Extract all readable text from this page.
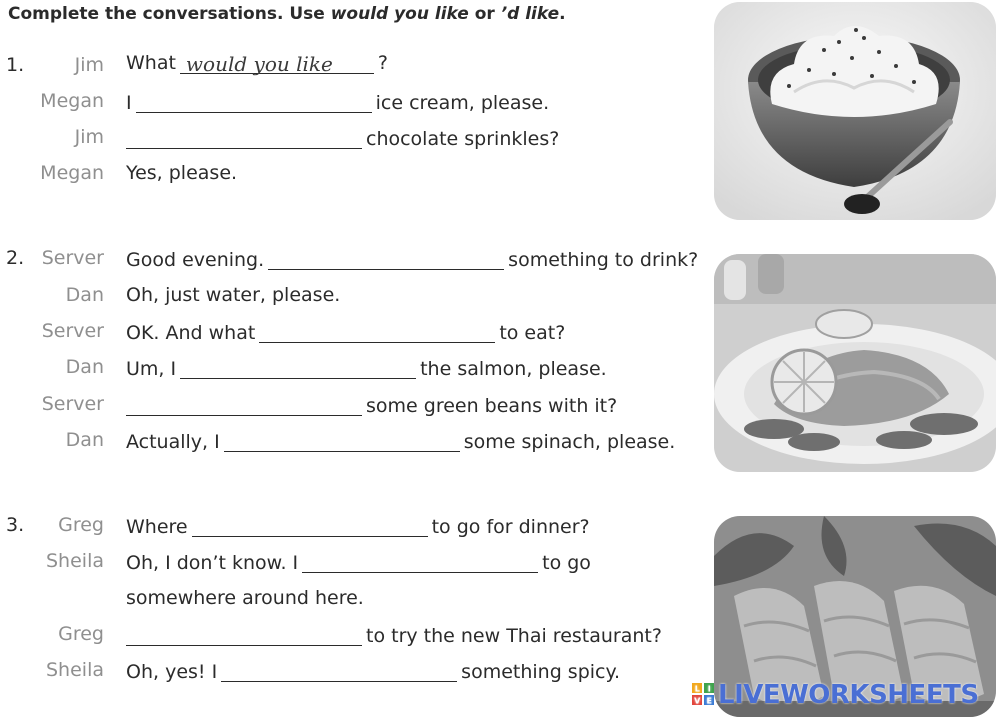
Complete the conversations. Use would you like or ’d like.
1.	Jim What would you like ?
Megan I	ice cream, please.
Jim	chocolate sprinkles?
Megan Yes, please.
2. Server Good evening.	something to drink?
Dan Oh, just water, please.
Server OK. And what	to eat?
Dan Um, I	the salmon, please.
Server	some green beans with it?
Dan Actually, I	some spinach, please.
3.	Greg Where	to go for dinner?
Sheila Oh, I don’t know. I	to go
somewhere around here.
Greg	to try the new Thai restaurant?
Sheila Oh, yes! I	something spicy.
L I
V E LIVEWORKSHEETS
